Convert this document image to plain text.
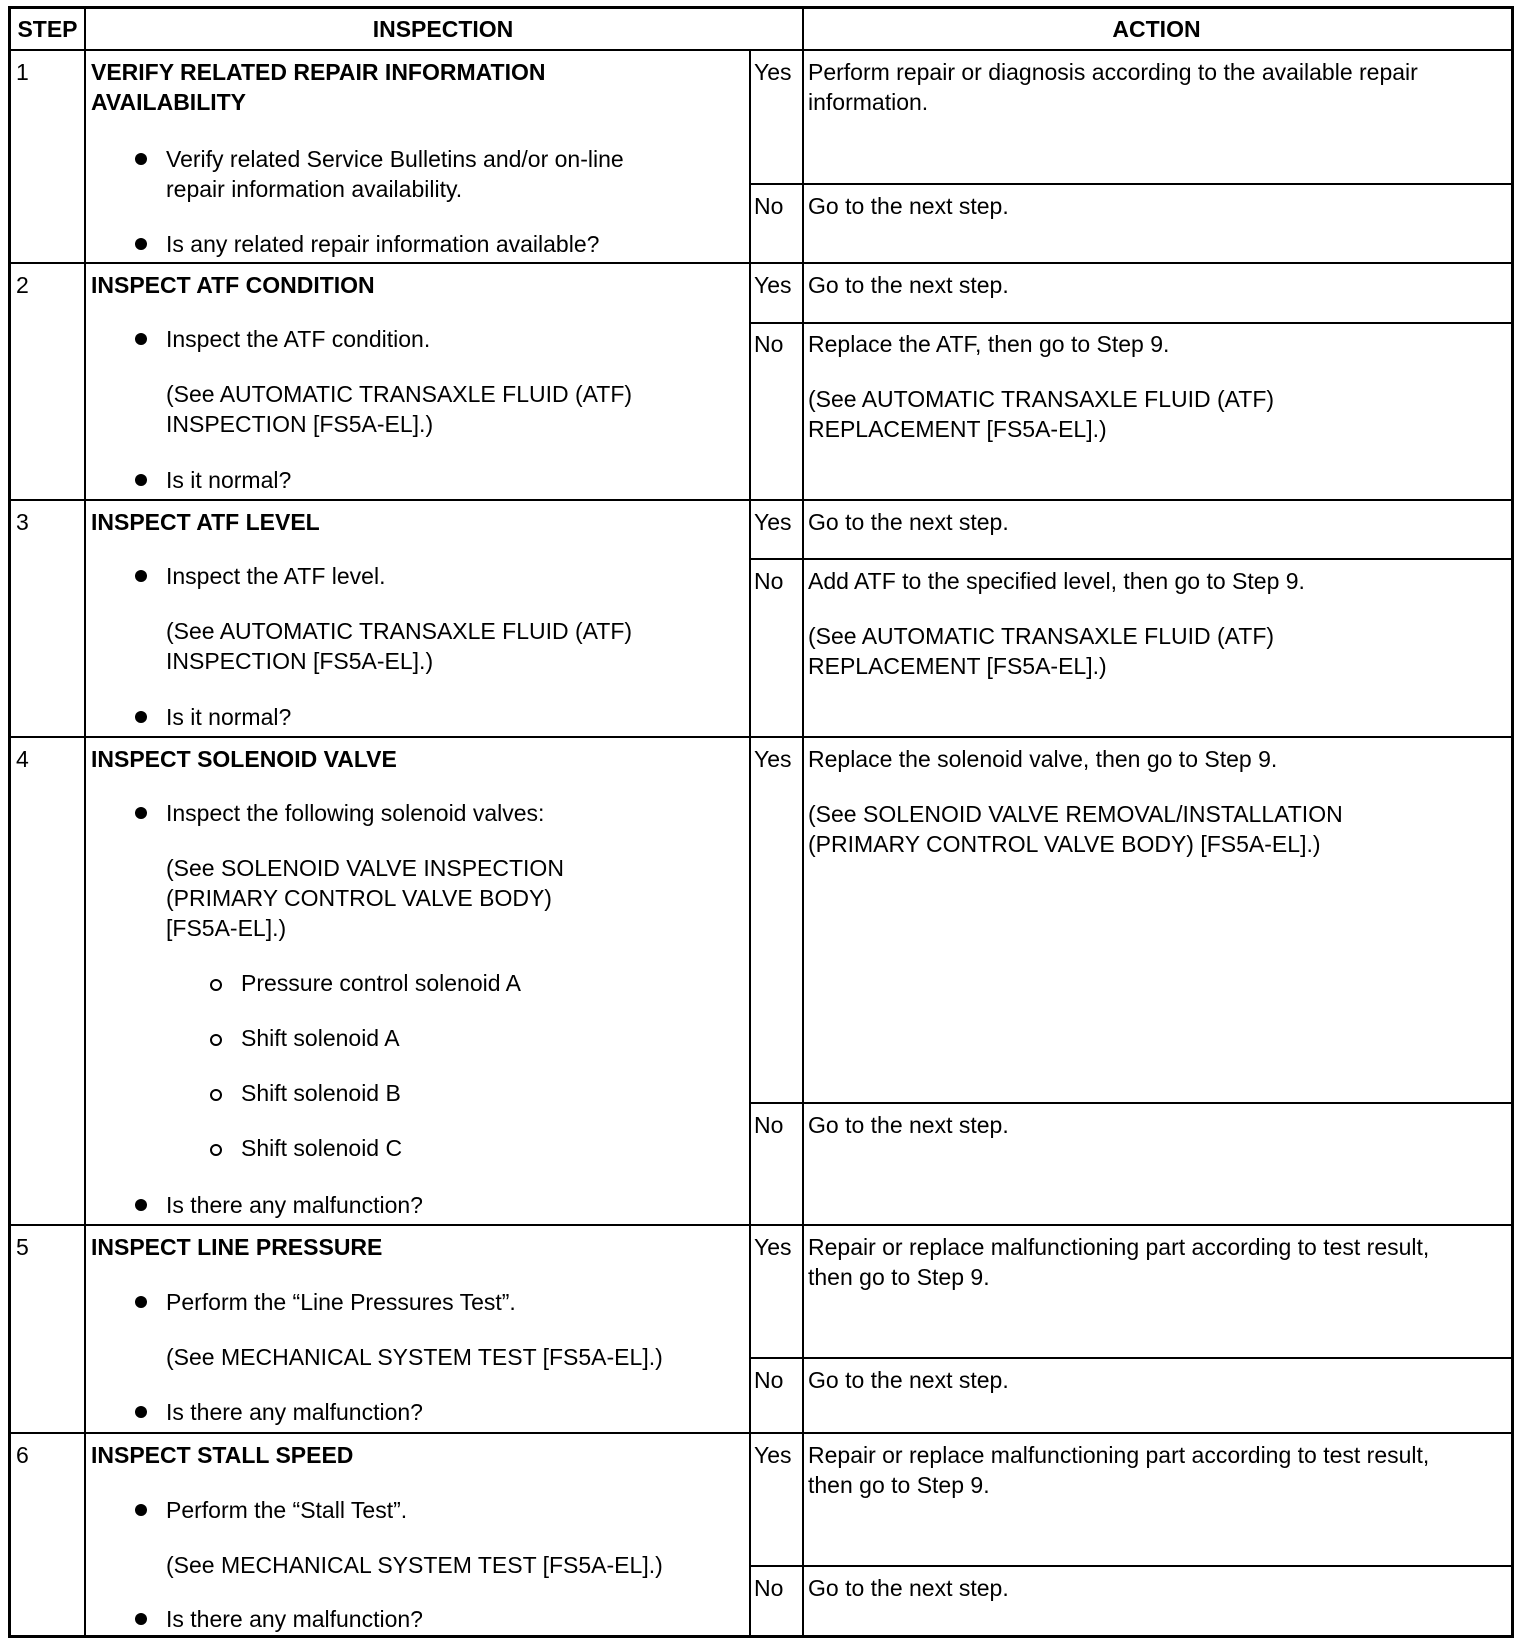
STEP	INSPECTION	ACTION
1	VERIFY RELATED REPAIR INFORMATION
AVAILABILITY
Verify related Service Bulletins and/or on-line
repair information availability.
Is any related repair information available?
Yes Perform repair or diagnosis according to the available repair
information.
No Go to the next step.
2	INSPECT ATF CONDITION
Inspect the ATF condition.
(See AUTOMATIC TRANSAXLE FLUID (ATF)
INSPECTION [FS5A-EL].)
Is it normal?
Yes Go to the next step.
No Replace the ATF, then go to Step 9.
(See AUTOMATIC TRANSAXLE FLUID (ATF)
REPLACEMENT [FS5A-EL].)
3	INSPECT ATF LEVEL
Inspect the ATF level.
(See AUTOMATIC TRANSAXLE FLUID (ATF)
INSPECTION [FS5A-EL].)
Is it normal?
Yes Go to the next step.
No Add ATF to the specified level, then go to Step 9.
(See AUTOMATIC TRANSAXLE FLUID (ATF)
REPLACEMENT [FS5A-EL].)
4	INSPECT SOLENOID VALVE
Inspect the following solenoid valves:
(See SOLENOID VALVE INSPECTION
(PRIMARY CONTROL VALVE BODY)
[FS5A-EL].)
Pressure control solenoid A
Shift solenoid A
Shift solenoid B
Shift solenoid C
Is there any malfunction?
Yes Replace the solenoid valve, then go to Step 9.
(See SOLENOID VALVE REMOVAL/INSTALLATION
(PRIMARY CONTROL VALVE BODY) [FS5A-EL].)
No Go to the next step.
5	INSPECT LINE PRESSURE
Perform the “Line Pressures Test”.
(See MECHANICAL SYSTEM TEST [FS5A-EL].)
Is there any malfunction?
Yes Repair or replace malfunctioning part according to test result,
then go to Step 9.
No Go to the next step.
6	INSPECT STALL SPEED
Perform the “Stall Test”.
(See MECHANICAL SYSTEM TEST [FS5A-EL].)
Is there any malfunction?
Yes Repair or replace malfunctioning part according to test result,
then go to Step 9.
No Go to the next step.
